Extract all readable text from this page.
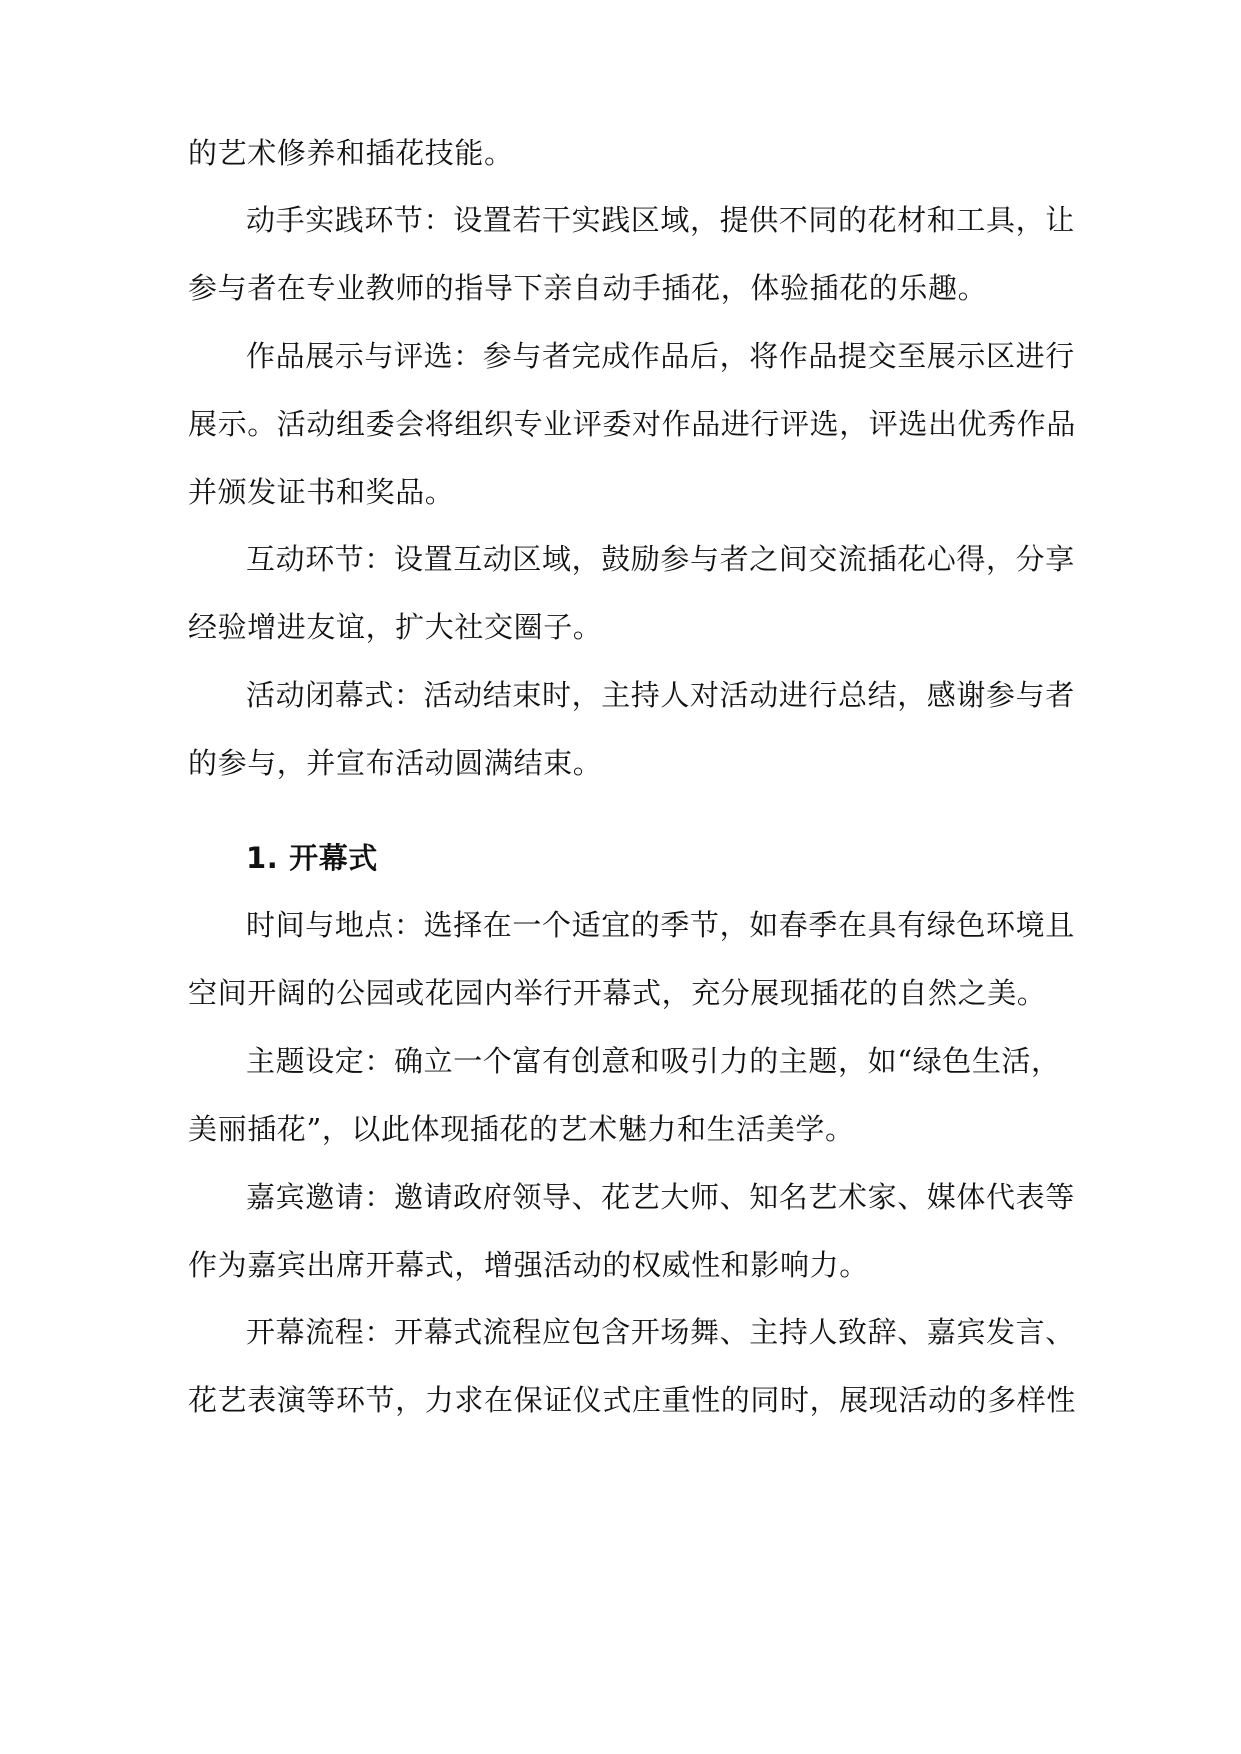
的艺术修养和插花技能。
动手实践环节：设置若干实践区域，提供不同的花材和工具，让
参与者在专业教师的指导下亲自动手插花，体验插花的乐趣。
作品展示与评选：参与者完成作品后，将作品提交至展示区进行
展示。活动组委会将组织专业评委对作品进行评选，评选出优秀作品
并颁发证书和奖品。
互动环节：设置互动区域，鼓励参与者之间交流插花心得，分享
经验增进友谊，扩大社交圈子。
活动闭幕式：活动结束时，主持人对活动进行总结，感谢参与者
的参与，并宣布活动圆满结束。
1. 开幕式
时间与地点：选择在一个适宜的季节，如春季在具有绿色环境且
空间开阔的公园或花园内举行开幕式，充分展现插花的自然之美。
主题设定：确立一个富有创意和吸引力的主题，如“绿色生活，
美丽插花”，以此体现插花的艺术魅力和生活美学。
嘉宾邀请：邀请政府领导、花艺大师、知名艺术家、媒体代表等
作为嘉宾出席开幕式，增强活动的权威性和影响力。
开幕流程：开幕式流程应包含开场舞、主持人致辞、嘉宾发言、
花艺表演等环节，力求在保证仪式庄重性的同时，展现活动的多样性
